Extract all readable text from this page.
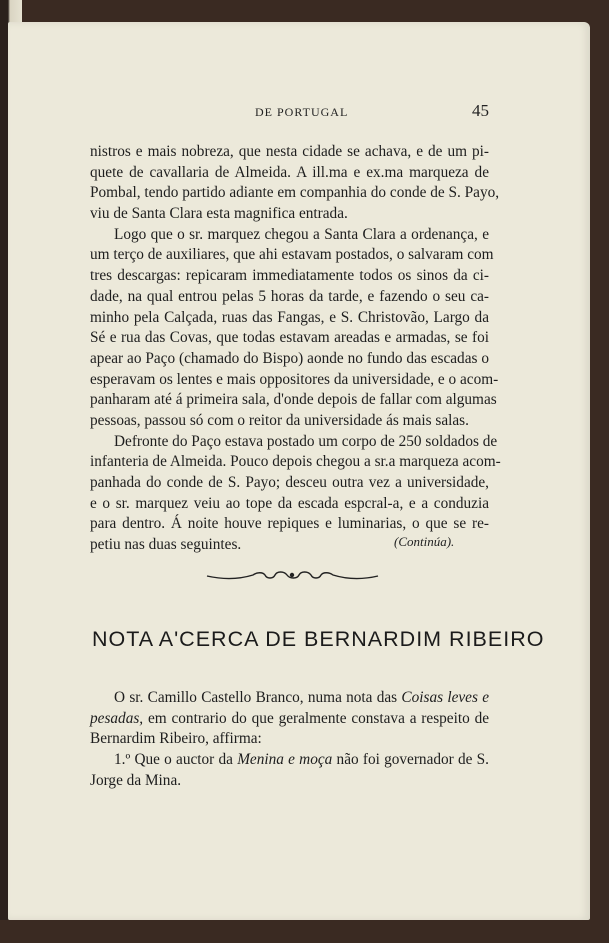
DE PORTUGAL	45
nistros e mais nobreza, que nesta cidade se achava, e de um pi-
quete de cavallaria de Almeida. A ill.ma e ex.ma marqueza de
Pombal, tendo partido adiante em companhia do conde de S. Payo,
viu de Santa Clara esta magnifica entrada.
Logo que o sr. marquez chegou a Santa Clara a ordenança, e
um terço de auxiliares, que ahi estavam postados, o salvaram com
tres descargas: repicaram immediatamente todos os sinos da ci-
dade, na qual entrou pelas 5 horas da tarde, e fazendo o seu ca-
minho pela Calçada, ruas das Fangas, e S. Christovão, Largo da
Sé e rua das Covas, que todas estavam areadas e armadas, se foi
apear ao Paço (chamado do Bispo) aonde no fundo das escadas o
esperavam os lentes e mais oppositores da universidade, e o acom-
panharam até á primeira sala, d'onde depois de fallar com algumas
pessoas, passou só com o reitor da universidade ás mais salas.
Defronte do Paço estava postado um corpo de 250 soldados de
infanteria de Almeida. Pouco depois chegou a sr.a marqueza acom-
panhada do conde de S. Payo; desceu outra vez a universidade,
e o sr. marquez veiu ao tope da escada espcral-a, e a conduzia
para dentro. Á noite houve repiques e luminarias, o que se re-
petiu nas duas seguintes.	(Continúa).
NOTA A'CERCA DE BERNARDIM RIBEIRO
O sr. Camillo Castello Branco, numa nota das Coisas leves e
pesadas, em contrario do que geralmente constava a respeito de
Bernardim Ribeiro, affirma:
1.º Que o auctor da Menina e moça não foi governador de S.
Jorge da Mina.
